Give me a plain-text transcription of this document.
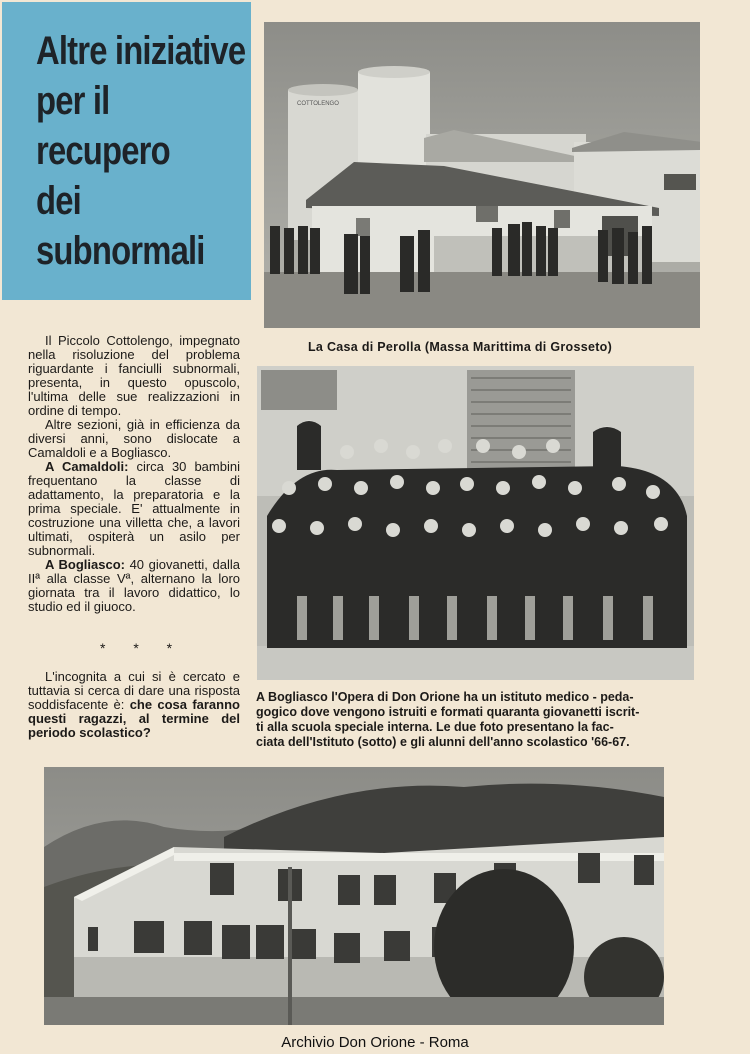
Altre iniziative
per il
recupero
dei
subnormali
COTTOLENGO
La Casa di Perolla (Massa Marittima di Grosseto)
A Bogliasco l'Opera di Don Orione ha un istituto medico - peda-
gogico dove vengono istruiti e formati quaranta giovanetti iscrit-
ti alla scuola speciale interna. Le due foto presentano la fac-
ciata dell'Istituto (sotto) e gli alunni dell'anno scolastico '66-67.

Il Piccolo Cottolengo, impegnato nella risoluzione del problema riguardante i fanciulli subnormali, presenta, in questo opuscolo, l'ultima delle sue realizzazioni in ordine di tempo.

Altre sezioni, già in efficienza da diversi anni, sono dislocate a Camaldoli e a Bogliasco.

A Camaldoli: circa 30 bambini frequentano la classe di adattamento, la preparatoria e la prima speciale. E' attualmente in costruzione una villetta che, a lavori ultimati, ospiterà un asilo per subnormali.

A Bogliasco: 40 giovanetti, dalla IIª alla classe Vª, alternano la loro giornata tra il lavoro didattico, lo studio ed il giuoco.

* * *

L'incognita a cui si è cercato e tuttavia si cerca di dare una risposta soddisfacente è: che cosa faranno questi ragazzi, al termine del periodo scolastico?

Archivio Don Orione - Roma
